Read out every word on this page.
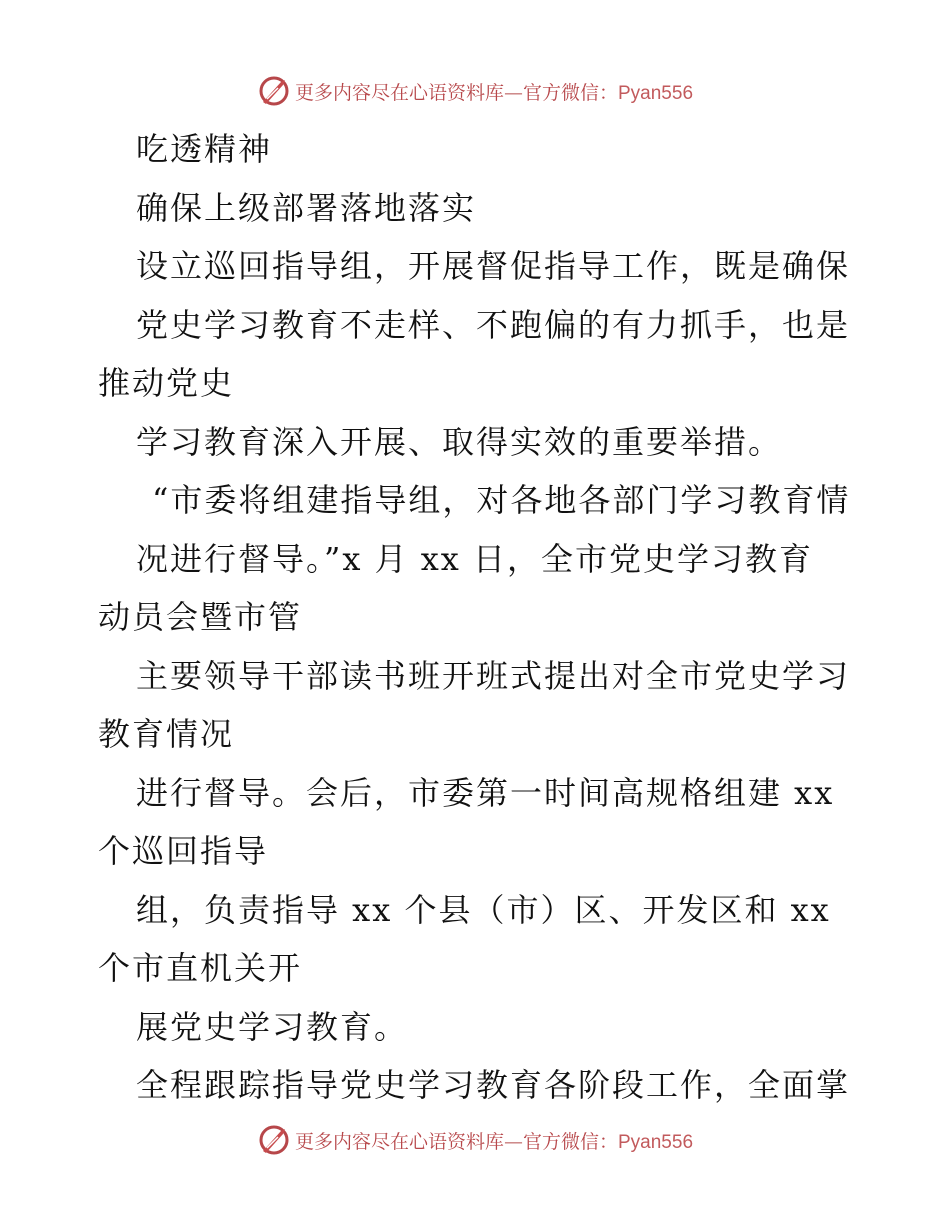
更多内容尽在心语资料库—官方微信：Pyan556
吃透精神
确保上级部署落地落实
设立巡回指导组，开展督促指导工作，既是确保
党史学习教育不走样、不跑偏的有力抓手，也是
推动党史
学习教育深入开展、取得实效的重要举措。
“市委将组建指导组，对各地各部门学习教育情
况进行督导。”x 月 xx 日，全市党史学习教育
动员会暨市管
主要领导干部读书班开班式提出对全市党史学习
教育情况
进行督导。会后，市委第一时间高规格组建 xx
个巡回指导
组，负责指导 xx 个县（市）区、开发区和 xx
个市直机关开
展党史学习教育。
全程跟踪指导党史学习教育各阶段工作，全面掌
更多内容尽在心语资料库—官方微信：Pyan556
